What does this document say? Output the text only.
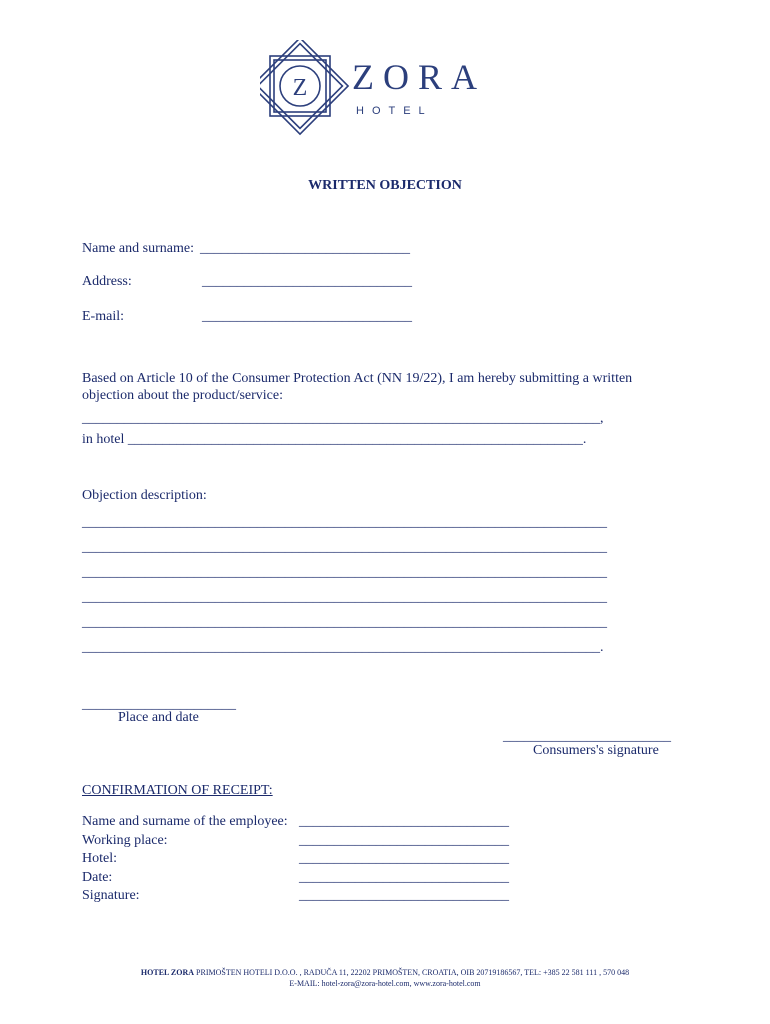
Z ZORA
HOTEL
WRITTEN OBJECTION
Name and surname: ______________________________
Address:	______________________________
E-mail:	______________________________
Based on Article 10 of the Consumer Protection Act (NN 19/22), I am hereby submitting a written objection about the product/service:
__________________________________________________________________________,
in hotel _________________________________________________________________.
Objection description:
___________________________________________________________________________
___________________________________________________________________________
___________________________________________________________________________
___________________________________________________________________________
___________________________________________________________________________
__________________________________________________________________________.
______________________
Place and date
________________________
Consumers's signature
CONFIRMATION OF RECEIPT:
Name and surname of the employee: ______________________________
Working place:	______________________________
Hotel:	______________________________
Date:	______________________________
Signature:	______________________________
HOTEL ZORA PRIMOŠTEN HOTELI D.O.O. , RADUČA 11, 22202 PRIMOŠTEN, CROATIA, OIB 20719186567, TEL: +385 22 581 111 , 570 048
E-MAIL: hotel-zora@zora-hotel.com, www.zora-hotel.com
